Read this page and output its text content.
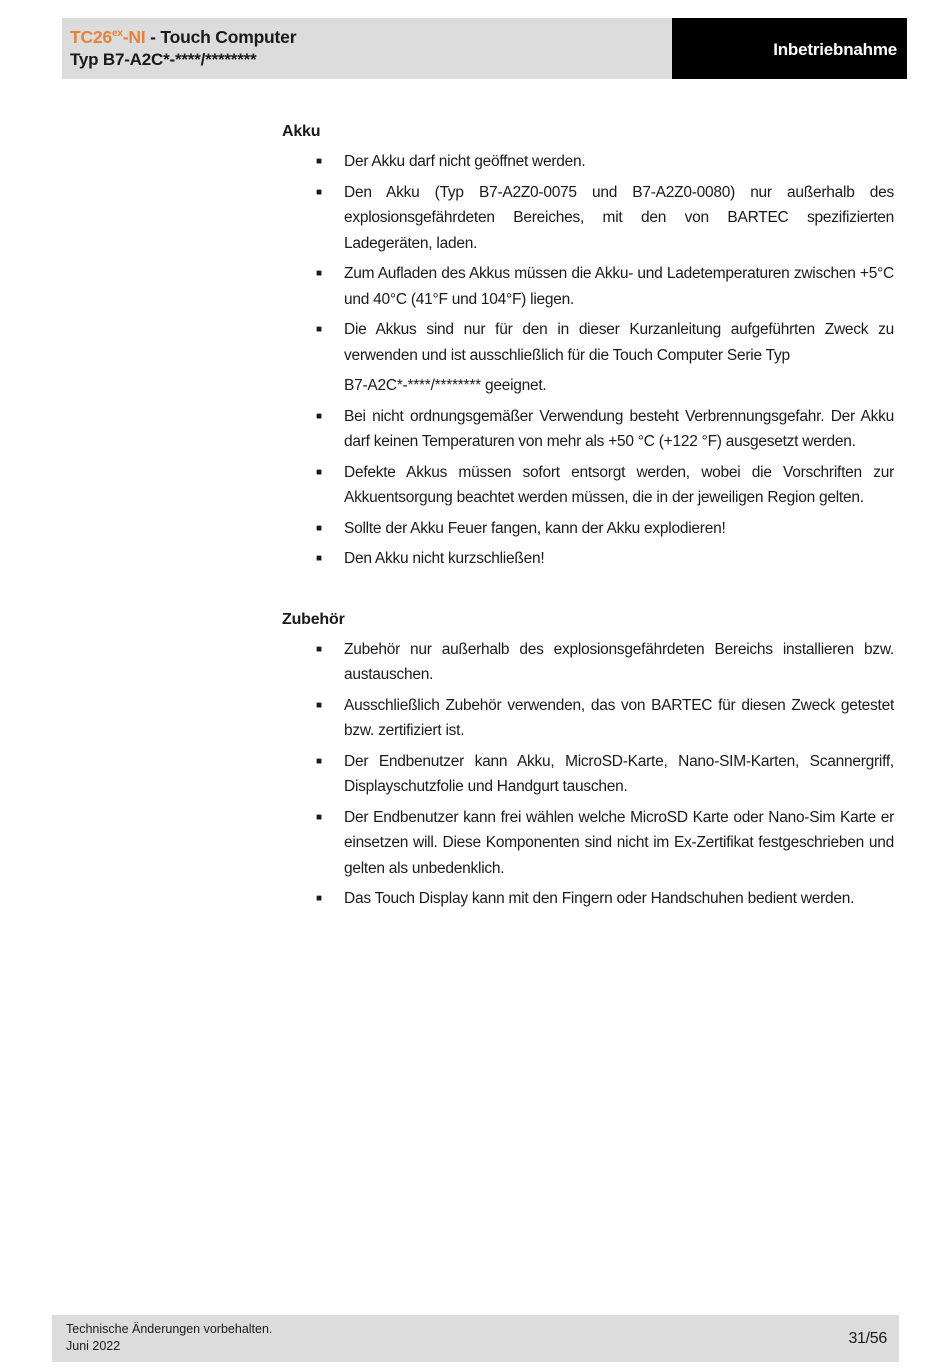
$TC26^{ex}-NI$ - Touch Computer
Typ B7-A2C*-****/********
Inbetriebnahme
Akku
■ Der Akku darf nicht geöffnet werden.
■ Den Akku (Typ B7-A2Z0-0075 und B7-A2Z0-0080) nur außerhalb des explosionsgefährdeten Bereiches, mit den von BARTEC spezifizierten Ladegeräten, laden.
■ Zum Aufladen des Akkus müssen die Akku- und Ladetemperaturen zwischen +5°C und 40°C (41°F und 104°F) liegen.
■ Die Akkus sind nur für den in dieser Kurzanleitung aufgeführten Zweck zu verwenden und ist ausschließlich für die Touch Computer Serie Typ
B7-A2C*-****/******** geeignet.
■ Bei nicht ordnungsgemäßer Verwendung besteht Verbrennungsgefahr. Der Akku darf keinen Temperaturen von mehr als +50 °C (+122 °F) ausgesetzt werden.
■ Defekte Akkus müssen sofort entsorgt werden, wobei die Vorschriften zur Akkuentsorgung beachtet werden müssen, die in der jeweiligen Region gelten.
■ Sollte der Akku Feuer fangen, kann der Akku explodieren!
■ Den Akku nicht kurzschließen!
Zubehör
■ Zubehör nur außerhalb des explosionsgefährdeten Bereichs installieren bzw. austauschen.
■ Ausschließlich Zubehör verwenden, das von BARTEC für diesen Zweck getestet bzw. zertifiziert ist.
■ Der Endbenutzer kann Akku, MicroSD-Karte, Nano-SIM-Karten, Scannergriff, Displayschutzfolie und Handgurt tauschen.
■ Der Endbenutzer kann frei wählen welche MicroSD Karte oder Nano-Sim Karte er einsetzen will. Diese Komponenten sind nicht im Ex-Zertifikat festgeschrieben und gelten als unbedenklich.
■ Das Touch Display kann mit den Fingern oder Handschuhen bedient werden.
Technische Änderungen vorbehalten.
Juni 2022	31/56
